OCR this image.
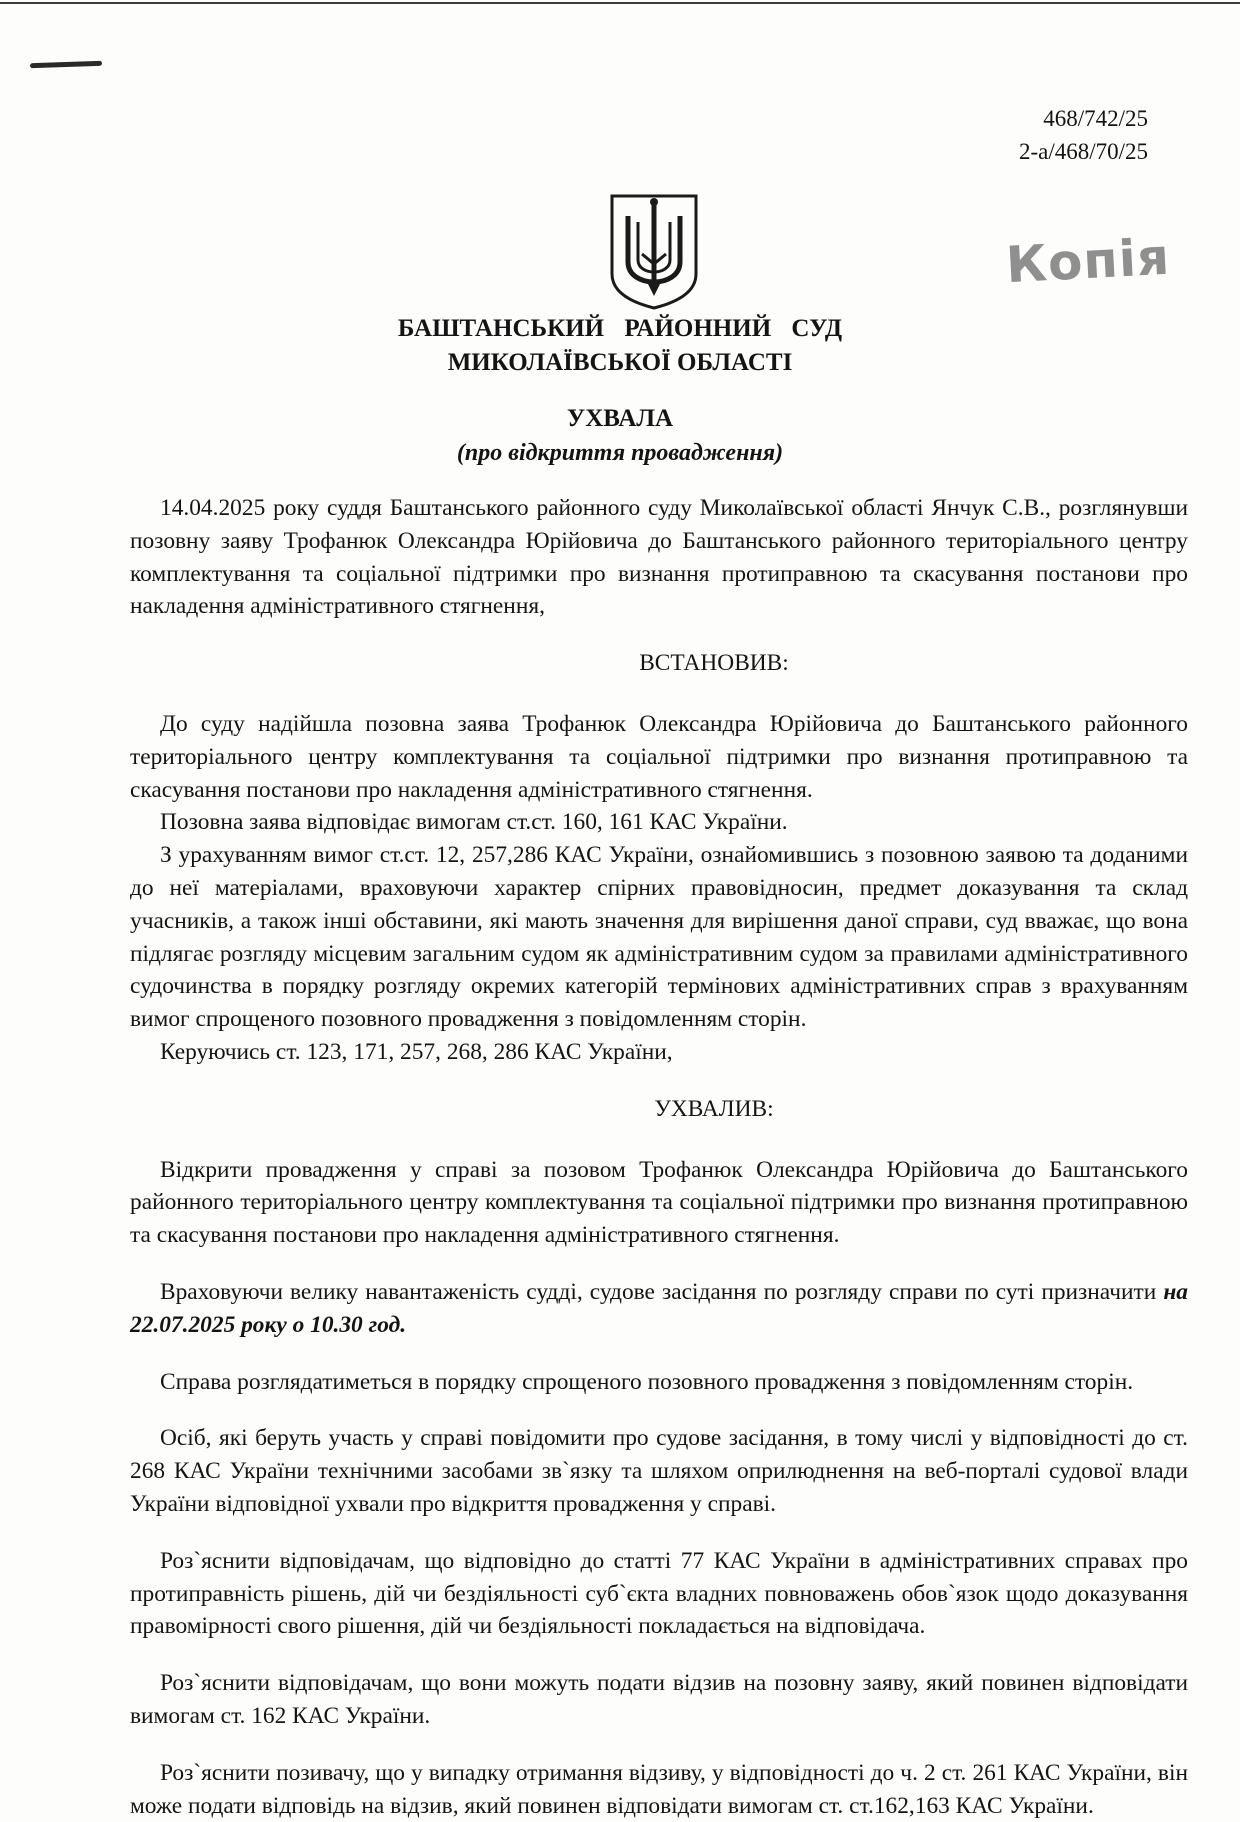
468/742/25
2-а/468/70/25
Копія
БАШТАНСЬКИЙ РАЙОННИЙ СУД
МИКОЛАЇВСЬКОЇ ОБЛАСТІ
УХВАЛА
(про відкриття провадження)

14.04.2025 року суддя Баштанського районного суду Миколаївської області Янчук С.В., розглянувши позовну заяву Трофанюк Олександра Юрійовича до Баштанського районного територіального центру комплектування та соціальної підтримки про визнання протиправною та скасування постанови про накладення адміністративного стягнення,

ВСТАНОВИВ:

До суду надійшла позовна заява Трофанюк Олександра Юрійовича до Баштанського районного територіального центру комплектування та соціальної підтримки про визнання протиправною та скасування постанови про накладення адміністративного стягнення.

Позовна заява відповідає вимогам ст.ст. 160, 161 КАС України.

З урахуванням вимог ст.ст. 12, 257,286 КАС України, ознайомившись з позовною заявою та доданими до неї матеріалами, враховуючи характер спірних правовідносин, предмет доказування та склад учасників, а також інші обставини, які мають значення для вирішення даної справи, суд вважає, що вона підлягає розгляду місцевим загальним судом як адміністративним судом за правилами адміністративного судочинства в порядку розгляду окремих категорій термінових адміністративних справ з врахуванням вимог спрощеного позовного провадження з повідомленням сторін.

Керуючись ст. 123, 171, 257, 268, 286 КАС України,

УХВАЛИВ:

Відкрити провадження у справі за позовом Трофанюк Олександра Юрійовича до Баштанського районного територіального центру комплектування та соціальної підтримки про визнання протиправною та скасування постанови про накладення адміністративного стягнення.

Враховуючи велику навантаженість судді, судове засідання по розгляду справи по суті призначити на 22.07.2025 року о 10.30 год.

Справа розглядатиметься в порядку спрощеного позовного провадження з повідомленням сторін.

Осіб, які беруть участь у справі повідомити про судове засідання, в тому числі у відповідності до ст. 268 КАС України технічними засобами зв`язку та шляхом оприлюднення на веб-порталі судової влади України відповідної ухвали про відкриття провадження у справі.

Роз`яснити відповідачам, що відповідно до статті 77 КАС України в адміністративних справах про протиправність рішень, дій чи бездіяльності суб`єкта владних повноважень обов`язок щодо доказування правомірності свого рішення, дій чи бездіяльності покладається на відповідача.

Роз`яснити відповідачам, що вони можуть подати відзив на позовну заяву, який повинен відповідати вимогам ст. 162 КАС України.

Роз`яснити позивачу, що у випадку отримання відзиву, у відповідності до ч. 2 ст. 261 КАС України, він може подати відповідь на відзив, який повинен відповідати вимогам ст. ст.162,163 КАС України.
